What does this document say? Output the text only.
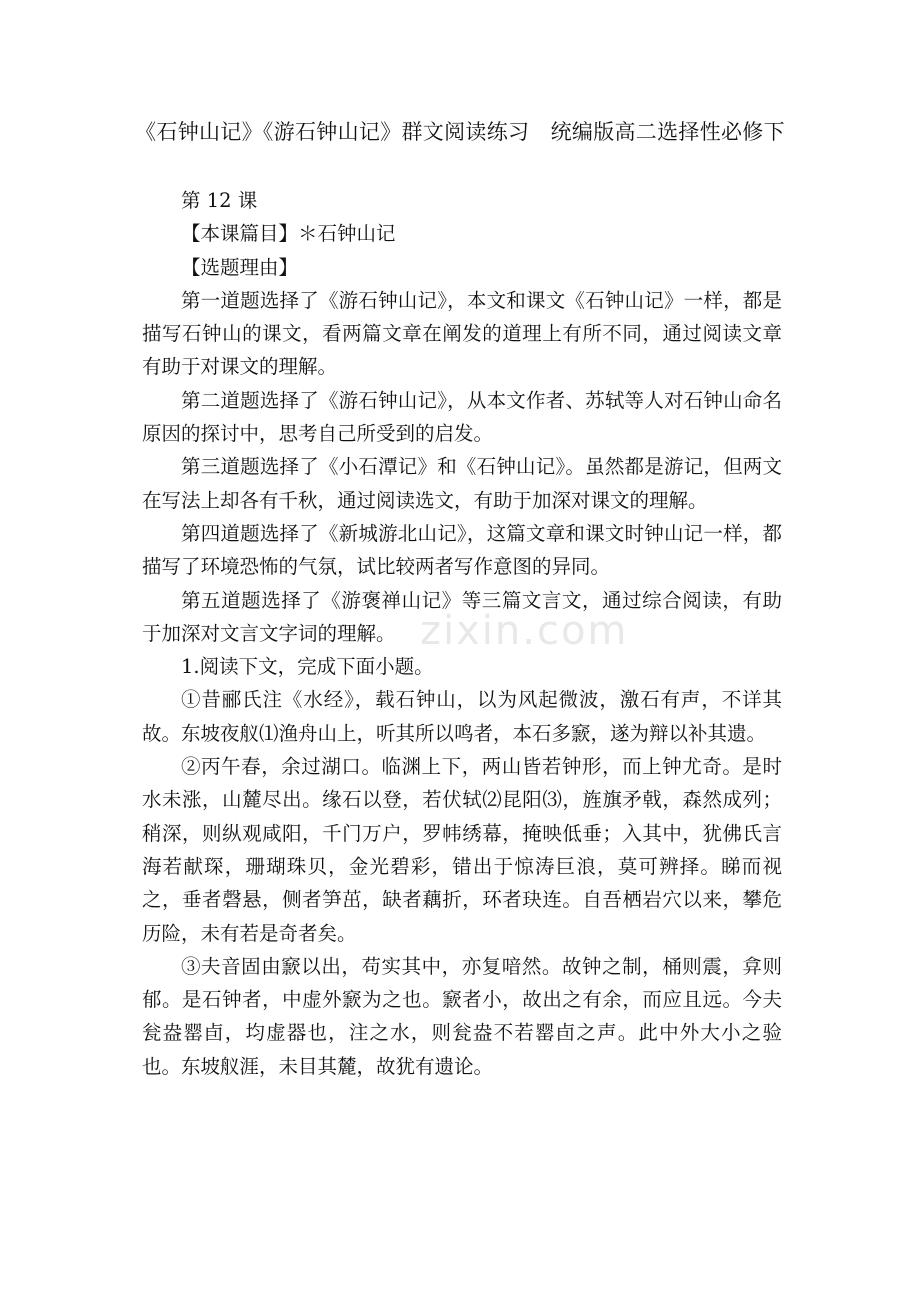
《石钟山记》《游石钟山记》群文阅读练习　统编版高二选择性必修下

第 12 课

【本课篇目】＊石钟山记

【选题理由】

第一道题选择了《游石钟山记》，本文和课文《石钟山记》一样，都是描写石钟山的课文，看两篇文章在阐发的道理上有所不同，通过阅读文章有助于对课文的理解。

第二道题选择了《游石钟山记》，从本文作者、苏轼等人对石钟山命名原因的探讨中，思考自己所受到的启发。

第三道题选择了《小石潭记》和《石钟山记》。虽然都是游记，但两文在写法上却各有千秋，通过阅读选文，有助于加深对课文的理解。

第四道题选择了《新城游北山记》，这篇文章和课文时钟山记一样，都描写了环境恐怖的气氛，试比较两者写作意图的异同。

第五道题选择了《游褒禅山记》等三篇文言文，通过综合阅读，有助于加深对文言文字词的理解。

1.阅读下文，完成下面小题。

①昔郦氏注《水经》，载石钟山，以为风起微波，激石有声，不详其故。东坡夜舣⑴渔舟山上，听其所以鸣者，本石多窾，遂为辩以补其遗。

②丙午春，余过湖口。临渊上下，两山皆若钟形，而上钟尤奇。是时水未涨，山麓尽出。缘石以登，若伏轼⑵昆阳⑶，旌旗矛戟，森然成列；稍深，则纵观咸阳，千门万户，罗帏绣幕，掩映低垂；入其中，犹佛氏言海若献琛，珊瑚珠贝，金光碧彩，错出于惊涛巨浪，莫可辨择。睇而视之，垂者磬悬，侧者笋茁，缺者藕折，环者玦连。自吾栖岩穴以来，攀危历险，未有若是奇者矣。

③夫音固由窾以出，苟实其中，亦复喑然。故钟之制，桶则震，弇则郁。是石钟者，中虚外窾为之也。窾者小，故出之有余，而应且远。今夫瓮盎罂卣，均虚器也，注之水，则瓮盎不若罂卣之声。此中外大小之验也。东坡舣涯，未目其麓，故犹有遗论。

zixin.com
